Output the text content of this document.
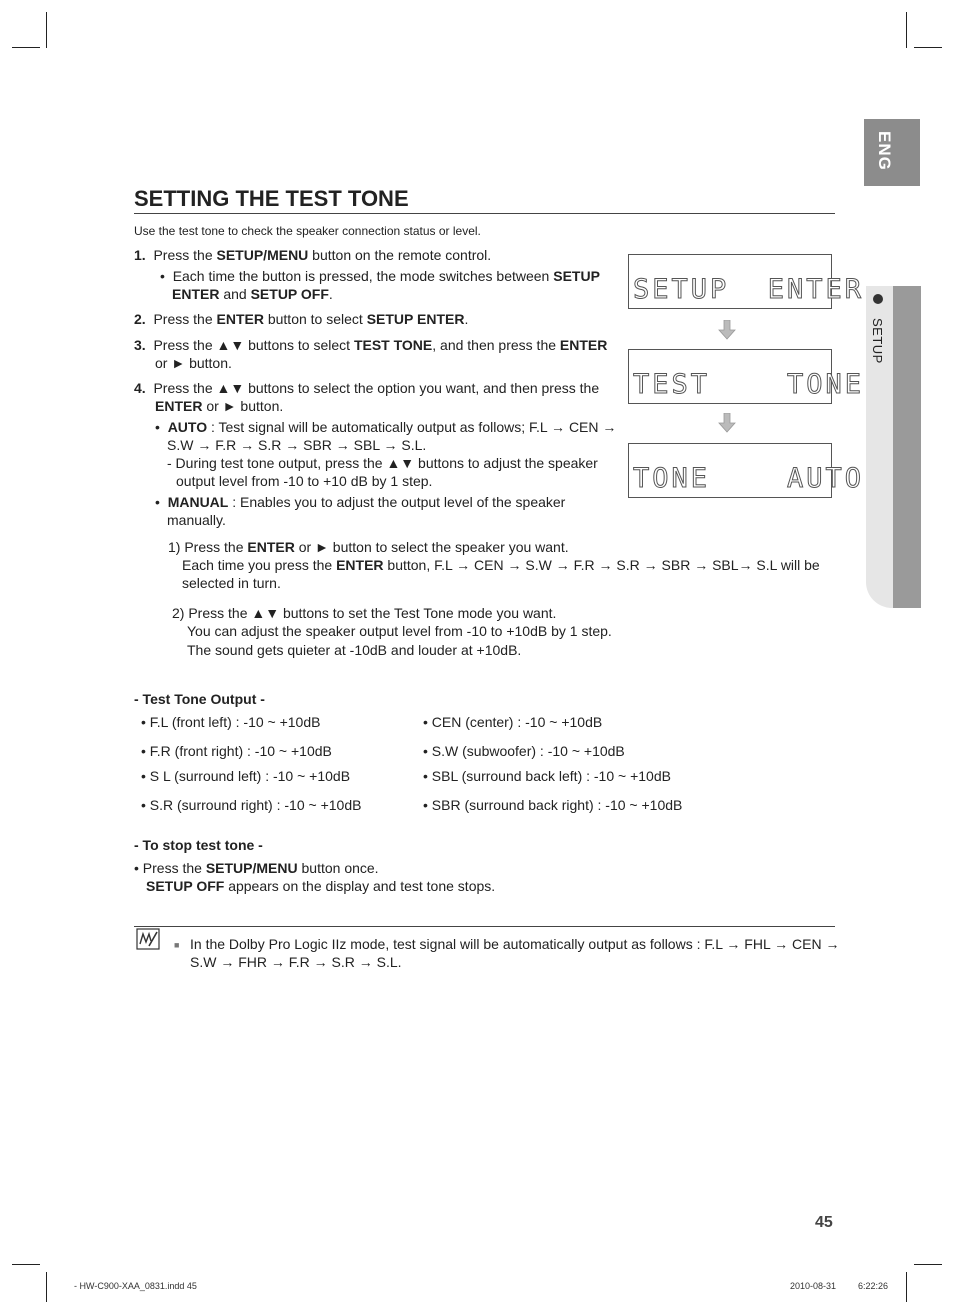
ENG
SETUP
SETTING THE TEST TONE
Use the test tone to check the speaker connection status or level.
1. Press the SETUP/MENU button on the remote control.
•  Each time the button is pressed, the mode switches between SETUP
ENTER and SETUP OFF.
2. Press the ENTER button to select SETUP ENTER.
3. Press the ▲▼ buttons to select TEST TONE, and then press the ENTER
or ► button.
4. Press the ▲▼ buttons to select the option you want, and then press the
ENTER or ► button.
•  AUTO : Test signal will be automatically output as follows; F.L → CEN →
S.W → F.R → S.R → SBR → SBL → S.L.
- During test tone output, press the ▲▼ buttons to adjust the speaker
output level from -10 to +10 dB by 1 step.
•  MANUAL : Enables you to adjust the output level of the speaker
manually.
1) Press the ENTER or ► button to select the speaker you want.
Each time you press the ENTER button, F.L → CEN → S.W → F.R → S.R → SBR → SBL→ S.L will be
selected in turn.
2) Press the ▲▼ buttons to set the Test Tone mode you want.
You can adjust the speaker output level from -10 to +10dB by 1 step.
The sound gets quieter at -10dB and louder at +10dB.
SETUP  ENTER
TEST    TONE
TONE    AUTO
- Test Tone Output -
• F.L (front left) : -10 ~ +10dB
• F.R (front right) : -10 ~ +10dB
• S L (surround left) : -10 ~ +10dB
• S.R (surround right) : -10 ~ +10dB
• CEN (center) : -10 ~ +10dB
• S.W (subwoofer) : -10 ~ +10dB
• SBL (surround back left) : -10 ~ +10dB
• SBR (surround back right) : -10 ~ +10dB
- To stop test tone -
• Press the SETUP/MENU button once.
SETUP OFF appears on the display and test tone stops.
■ In the Dolby Pro Logic IIz mode, test signal will be automatically output as follows : F.L → FHL → CEN →
S.W → FHR → F.R → S.R → S.L.
45
- HW-C900-XAA_0831.indd 45	2010-08-31 6:22:26
